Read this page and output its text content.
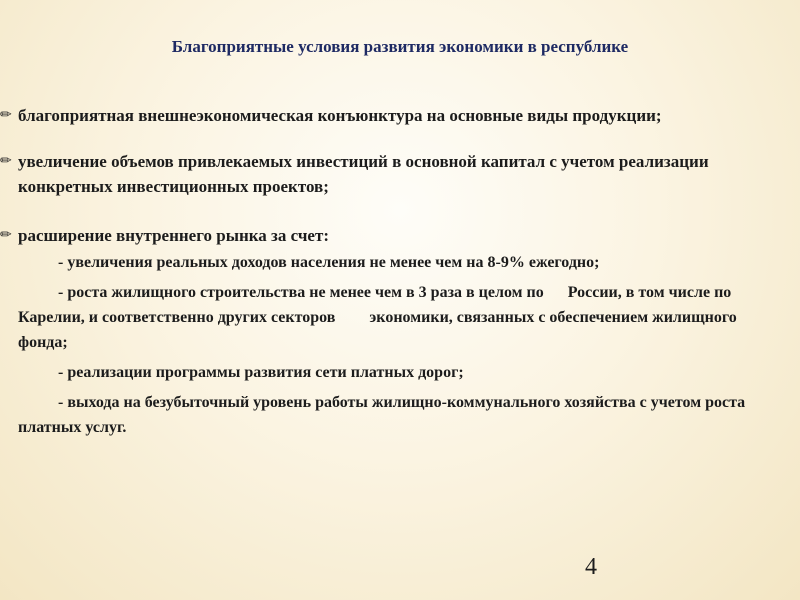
Благоприятные условия развития экономики в республике

✏ благоприятная внешнеэкономическая конъюнктура на основные виды продукции;

✏ увеличение объемов привлекаемых инвестиций в основной капитал с учетом реализации конкретных инвестиционных проектов;

✏ расширение внутреннего рынка за счет:

- увеличения реальных доходов населения не менее чем на 8-9% ежегодно;

- роста жилищного строительства не менее чем в 3 раза в целом по России, в том числе по Карелии, и соответственно других секторов экономики, связанных с обеспечением жилищного фонда;

- реализации программы развития сети платных дорог;

- выхода на безубыточный уровень работы жилищно-коммунального хозяйства с учетом роста платных услуг.

4
